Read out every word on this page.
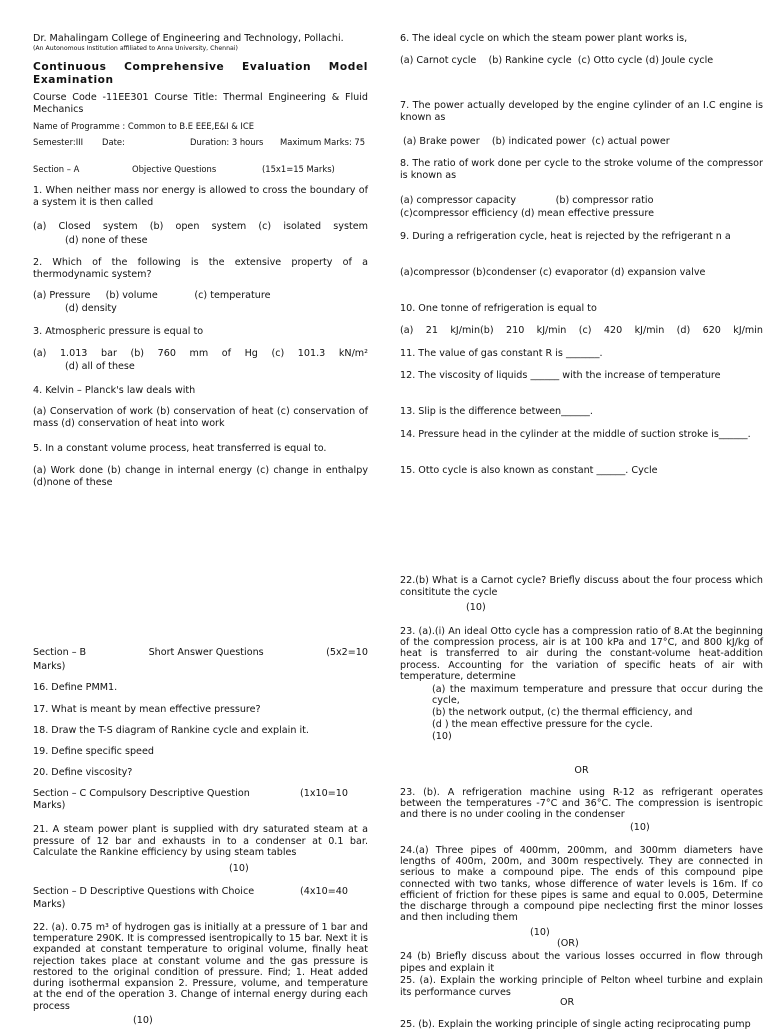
Dr. Mahalingam College of Engineering and Technology, Pollachi.

(An Autonomous Institution affiliated to Anna University, Chennai)

Continuous Comprehensive Evaluation Model

Examination

Course Code -11EE301 Course Title: Thermal Engineering & Fluid Mechanics

Name of Programme : Common to B.E EEE,E&I & ICE

Semester:III Date:	Duration: 3 hours Maximum Marks: 75
Section – A	Objective Questions	(15x1=15 Marks)

1. When neither mass nor energy is allowed to cross the boundary of a system it is then called

(a) Closed system (b) open system (c) isolated system

(d) none of these

2. Which of the following is the extensive property of a thermodynamic system?

(a) Pressure     (b) volume            (c) temperature

(d) density

3. Atmospheric pressure is equal to

(a) 1.013 bar (b) 760 mm of Hg (c) 101.3 kN/m²

(d) all of these

4. Kelvin – Planck's law deals with

(a) Conservation of work (b) conservation of heat (c) conservation of mass (d) conservation of heat into work

5. In a constant volume process, heat transferred is equal to.

(a) Work done (b) change in internal energy (c) change in enthalpy (d)none of these

Section – B	Short Answer Questions	(5x2=10

Marks)

16. Define PMM1.

17. What is meant by mean effective pressure?

18. Draw the T-S diagram of Rankine cycle and explain it.

19. Define specific speed

20. Define viscosity?

Section – C Compulsory Descriptive Question	(1x10=10

Marks)

21. A steam power plant is supplied with dry saturated steam at a pressure of 12 bar and exhausts in to a condenser at 0.1 bar. Calculate the Rankine efficiency by using steam tables

(10)

Section – D Descriptive Questions with Choice	(4x10=40

Marks)

22. (a). 0.75 m³ of hydrogen gas is initially at a pressure of 1 bar and temperature 290K. It is compressed isentropically to 15 bar. Next it is expanded at constant temperature to original volume, finally heat rejection takes place at constant volume and the gas pressure is restored to the original condition of pressure. Find; 1. Heat added during isothermal expansion 2. Pressure, volume, and temperature at the end of the operation 3. Change of internal energy during each process

(10)

6. The ideal cycle on which the steam power plant works is,

(a) Carnot cycle    (b) Rankine cycle  (c) Otto cycle (d) Joule cycle

7. The power actually developed by the engine cylinder of an I.C engine is known as

(a) Brake power    (b) indicated power  (c) actual power

8. The ratio of work done per cycle to the stroke volume of the compressor is known as

(a) compressor capacity             (b) compressor ratio

(c)compressor efficiency (d) mean effective pressure

9. During a refrigeration cycle, heat is rejected by the refrigerant n a

(a)compressor (b)condenser (c) evaporator (d) expansion valve

10. One tonne of refrigeration is equal to

(a) 21 kJ/min(b) 210 kJ/min (c) 420 kJ/min (d) 620 kJ/min

11. The value of gas constant R is _______.

12. The viscosity of liquids ______ with the increase of temperature

13. Slip is the difference between______.

14. Pressure head in the cylinder at the middle of suction stroke is______.

15. Otto cycle is also known as constant ______. Cycle

22.(b) What is a Carnot cycle? Briefly discuss about the four process which consititute the cycle

(10)

23. (a).(i) An ideal Otto cycle has a compression ratio of 8.At the beginning of the compression process, air is at 100 kPa and 17°C, and 800 kJ/kg of heat is transferred to air during the constant-volume heat-addition process. Accounting for the variation of specific heats of air with temperature, determine

(a) the maximum temperature and pressure that occur during the cycle,

(b) the network output, (c) the thermal efficiency, and

(d ) the mean effective pressure for the cycle.

(10)

OR

23. (b). A refrigeration machine using R-12 as refrigerant operates between the temperatures -7°C and 36°C. The compression is isentropic and there is no under cooling in the condenser

(10)

24.(a) Three pipes of 400mm, 200mm, and 300mm diameters have lengths of 400m, 200m, and 300m respectively. They are connected in serious to make a compound pipe. The ends of this compound pipe connected with two tanks, whose difference of water levels is 16m. If co efficient of friction for these pipes is same and equal to 0.005, Determine the discharge through a compound pipe neclecting first the minor losses and then including them

(10)

(OR)

24 (b) Briefly discuss about the various losses occurred in flow through pipes and explain it

25. (a). Explain the working principle of Pelton wheel turbine and explain its performance curves

OR

25. (b). Explain the working principle of single acting reciprocating pump
